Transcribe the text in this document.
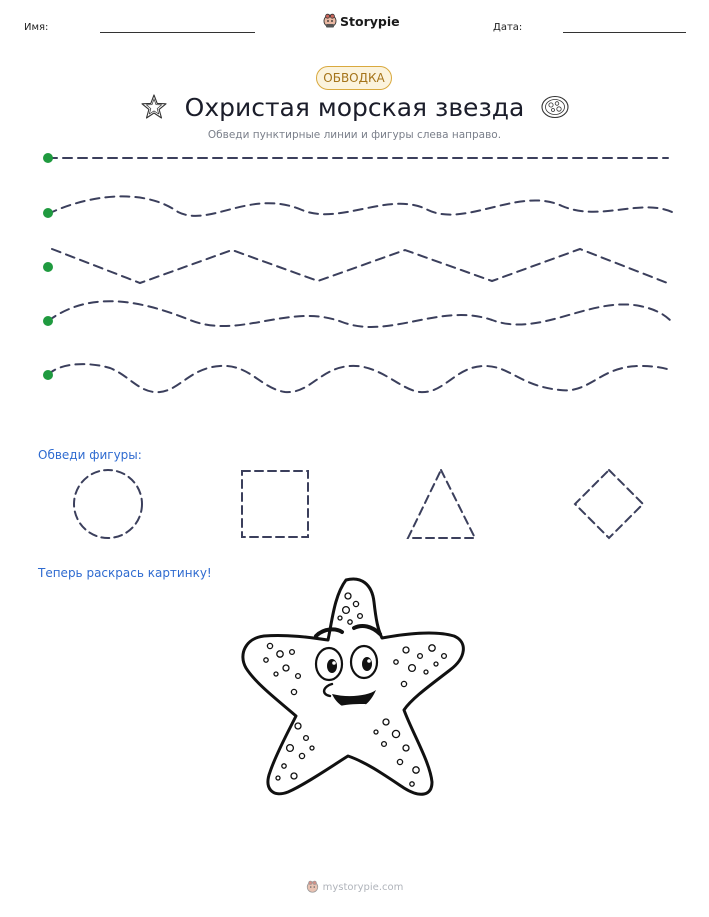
Имя:	Storypie	Дата:
ОБВОДКА
Охристая морская звезда
Обведи пунктирные линии и фигуры слева направо.
Обведи фигуры:
Теперь раскрась картинку!
mystorypie.com
